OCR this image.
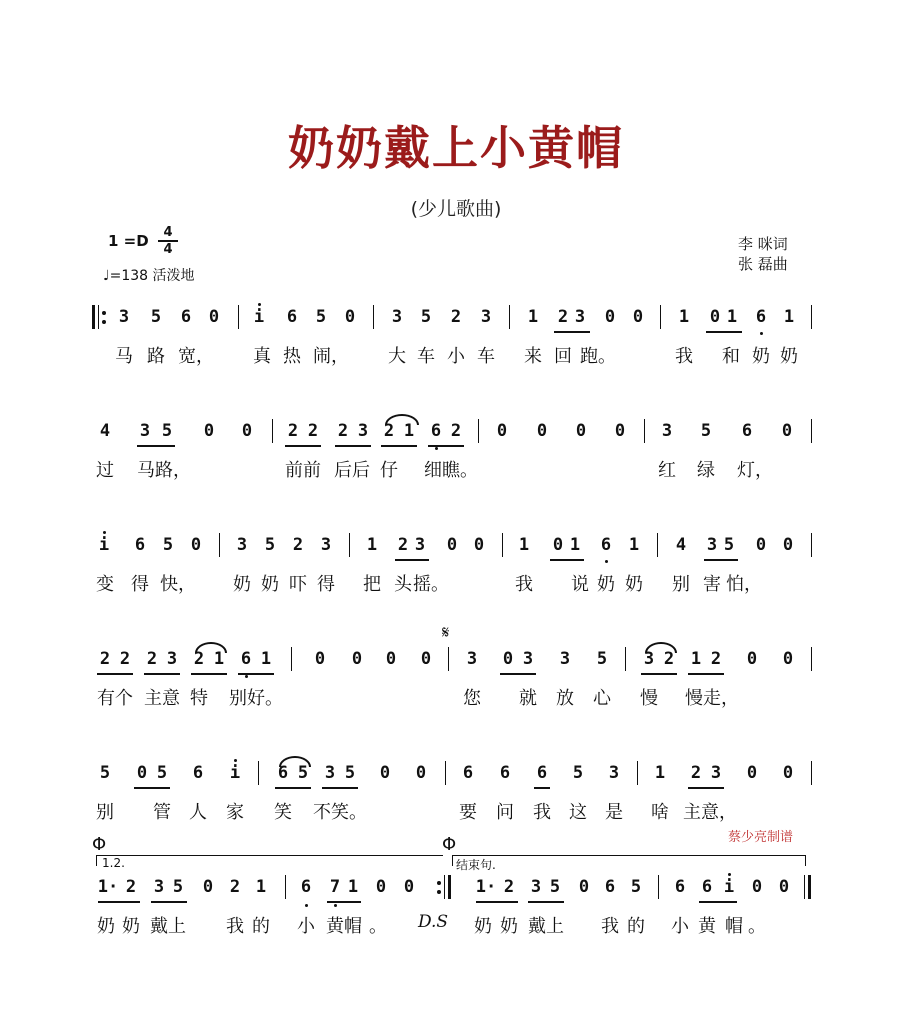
奶奶戴上小黄帽
(少儿歌曲)
1 =D	4
4
♩=138 活泼地
李 咪词
张 磊曲
3 5 6 0 i 6 5 0 3 5 2 3 1 2 3 0 0 1 0 1 6 1
马 路 宽， 真 热 闹， 大 车 小 车 来 回 跑。	我 和 奶 奶
4 3 5 0 0 2 2 2 3 2 1 6 2 0 0 0 0 3 5 6 0
过 马路，	前前 后后 仔 细瞧。	红 绿 灯，
i 6 5 0 3 5 2 3 1 2 3 0 0 1 0 1 6 1 4 3 5 0 0
变 得 快， 奶 奶 吓 得 把 头 摇。	我 说 奶 奶 别 害 怕，
𝄋
2 2 2 3 2 1 6 1	0 0 0 0 3 0 3 3 5 3 2 1 2 0 0
有个 主意 特 别好。	您 就 放 心 慢 慢走，
5 0 5 6 i 6 5 3 5 0 0 6 6 6 5 3 1 2 3 0 0
别 管 人 家 笑 不笑。	要 问 我 这 是 啥 主意，
蔡少亮制谱
Φ	Φ
1.2.	结束句.
1· 2 3 5 0 2 1 6 7 1 0 0	1· 2 3 5 0 6 5 6 6 i 0 0
奶 奶 戴上 我 的 小 黄帽 。 D.S 奶 奶 戴上 我 的 小 黄 帽 。
